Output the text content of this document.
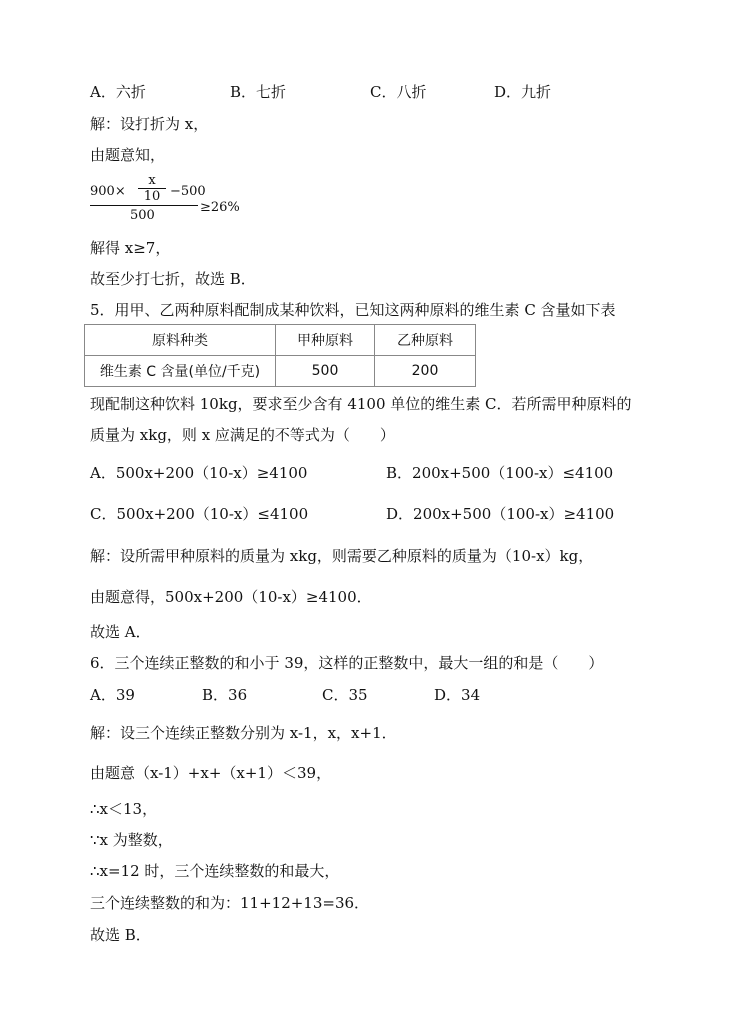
A．六折	B．七折	C．八折	D．九折
解：设打折为 x，
由题意知，
900×
x
10 −500
500
≥26%
解得 x≥7，
故至少打七折，故选 B．
5．用甲、乙两种原料配制成某种饮料，已知这两种原料的维生素 C 含量如下表
原料种类	甲种原料	乙种原料
维生素 C 含量(单位/千克)	500	200
现配制这种饮料 10kg，要求至少含有 4100 单位的维生素 C．若所需甲种原料的
质量为 xkg，则 x 应满足的不等式为（　　）
A．500x+200（10-x）≥4100	B．200x+500（100-x）≤4100
C．500x+200（10-x）≤4100	D．200x+500（100-x）≥4100
解：设所需甲种原料的质量为 xkg，则需要乙种原料的质量为（10-x）kg，
由题意得，500x+200（10-x）≥4100．
故选 A．
6．三个连续正整数的和小于 39，这样的正整数中，最大一组的和是（　　）
A．39	B．36	C．35	D．34
解：设三个连续正整数分别为 x-1，x，x+1．
由题意（x-1）+x+（x+1）＜39，
∴x＜13，
∵x 为整数，
∴x=12 时，三个连续整数的和最大，
三个连续整数的和为：11+12+13=36．
故选 B．
